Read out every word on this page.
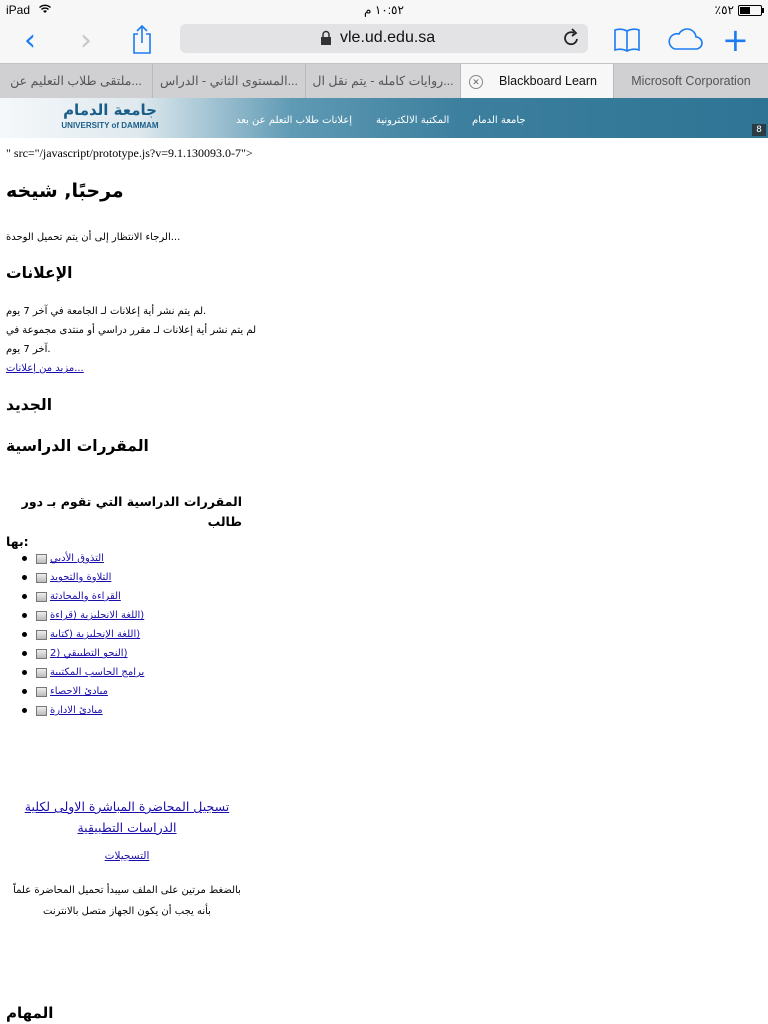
iPad	١٠:٥٢ م	٪٥٢
‹ ›	vle.ud.edu.sa	+
ملتقى طلاب التعليم عن...	المستوى الثاني - الدراس...	روايات كامله - يتم نقل ال...	✕ Blackboard Learn	Microsoft Corporation
جامعة الدمام
UNIVERSITY of DAMMAM	جامعة الدمام
المكتبة الالكترونية
إعلانات طلاب التعلم عن بعد
8
" src="/javascript/prototype.js?v=9.1.130093.0-7">
مرحبًا, شيخه
...الرجاء الانتظار إلى أن يتم تحميل الوحدة
الإعلانات
.لم يتم نشر أية إعلانات لـ الجامعة في آخر 7 يوم
لم يتم نشر أية إعلانات لـ مقرر دراسي أو منتدى مجموعة في
.آخر 7 يوم
...مزيد من إعلانات
الجديد
المقررات الدراسية
المقررات الدراسية التي تقوم بـ دور طالب
:بها
التذوق الأدبي
التلاوة والتجويد
القراءة والمحادثة
(اللغة الانجليزية (قراءة
(اللغة الإنجليزية (كتابة
(النحو التطبيقي (2
برامج الحاسب المكتبية
مبادئ الاحصاء
مبادئ الادارة
تسجيل المحاضرة المباشرة الاولى لكلية
الدراسات التطبيقية
التسجيلات
بالضغط مرتين على الملف سيبدأ تحميل المحاضرة علماً
بأنه يجب أن يكون الجهاز متصل بالانترنت
المهام
